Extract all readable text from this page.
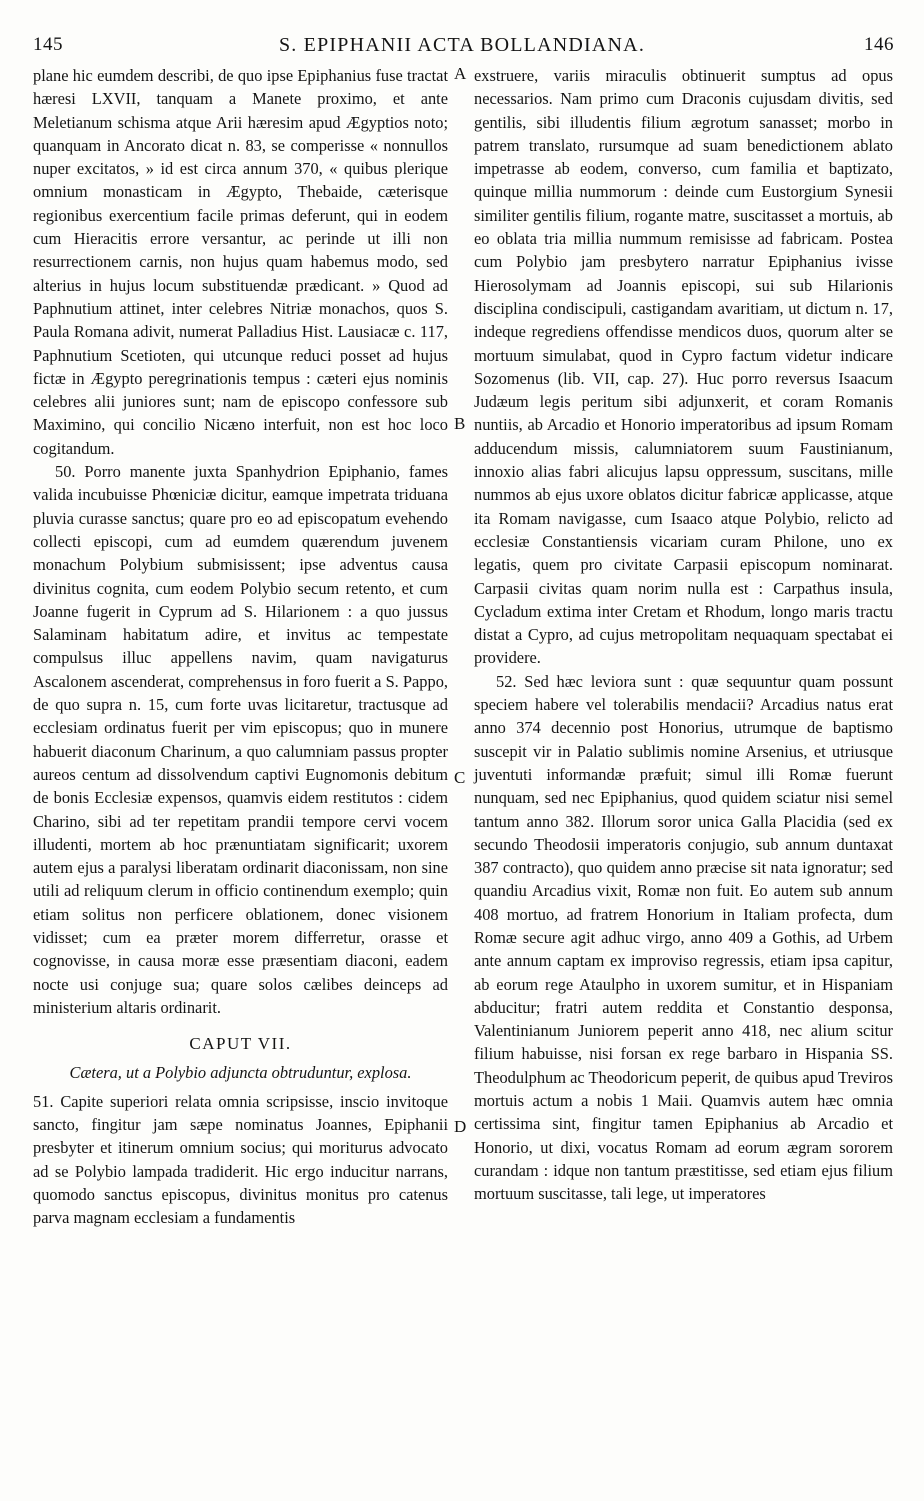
145	S. EPIPHANII ACTA BOLLANDIANA.	146

plane hic eumdem describi, de quo ipse Epiphanius fuse tractat hæresi LXVII, tanquam a Manete proximo, et ante Meletianum schisma atque Arii hæresim apud Ægyptios noto; quanquam in Ancorato dicat n. 83, se comperisse « nonnullos nuper excitatos, » id est circa annum 370, « quibus plerique omnium monasticam in Ægypto, Thebaide, cæterisque regionibus exercentium facile primas deferunt, qui in eodem cum Hieracitis errore versantur, ac perinde ut illi non resurrectionem carnis, non hujus quam habemus modo, sed alterius in hujus locum substituendæ prædicant. » Quod ad Paphnutium attinet, inter celebres Nitriæ monachos, quos S. Paula Romana adivit, numerat Palladius Hist. Lausiacæ c. 117, Paphnutium Scetioten, qui utcunque reduci posset ad hujus fictæ in Ægypto peregrinationis tempus : cæteri ejus nominis celebres alii juniores sunt; nam de episcopo confessore sub Maximino, qui concilio Nicæno interfuit, non est hoc loco cogitandum.

50. Porro manente juxta Spanhydrion Epiphanio, fames valida incubuisse Phœniciæ dicitur, eamque impetrata triduana pluvia curasse sanctus; quare pro eo ad episcopatum evehendo collecti episcopi, cum ad eumdem quærendum juvenem monachum Polybium submisissent; ipse adventus causa divinitus cognita, cum eodem Polybio secum retento, et cum Joanne fugerit in Cyprum ad S. Hilarionem : a quo jussus Salaminam habitatum adire, et invitus ac tempestate compulsus illuc appellens navim, quam navigaturus Ascalonem ascenderat, comprehensus in foro fuerit a S. Pappo, de quo supra n. 15, cum forte uvas licitaretur, tractusque ad ecclesiam ordinatus fuerit per vim episcopus; quo in munere habuerit diaconum Charinum, a quo calumniam passus propter aureos centum ad dissolvendum captivi Eugnomonis debitum de bonis Ecclesiæ expensos, quamvis eidem restitutos : cidem Charino, sibi ad ter repetitam prandii tempore cervi vocem illudenti, mortem ab hoc prænuntiatam significarit; uxorem autem ejus a paralysi liberatam ordinarit diaconissam, non sine utili ad reliquum clerum in officio continendum exemplo; quin etiam solitus non perficere oblationem, donec visionem vidisset; cum ea præter morem differretur, orasse et cognovisse, in causa moræ esse præsentiam diaconi, eadem nocte usi conjuge sua; quare solos cælibes deinceps ad ministerium altaris ordinarit.

CAPUT VII.
Cætera, ut a Polybio adjuncta obtruduntur, explosa.

51. Capite superiori relata omnia scripsisse, inscio invitoque sancto, fingitur jam sæpe nominatus Joannes, Epiphanii presbyter et itinerum omnium socius; qui moriturus advocato ad se Polybio lampada tradiderit. Hic ergo inducitur narrans, quomodo sanctus episcopus, divinitus monitus pro catenus parva magnam ecclesiam a fundamentis

exstruere, variis miraculis obtinuerit sumptus ad opus necessarios. Nam primo cum Draconis cujusdam divitis, sed gentilis, sibi illudentis filium ægrotum sanasset; morbo in patrem translato, rursumque ad suam benedictionem ablato impetrasse ab eodem, converso, cum familia et baptizato, quinque millia nummorum : deinde cum Eustorgium Synesii similiter gentilis filium, rogante matre, suscitasset a mortuis, ab eo oblata tria millia nummum remisisse ad fabricam. Postea cum Polybio jam presbytero narratur Epiphanius ivisse Hierosolymam ad Joannis episcopi, sui sub Hilarionis disciplina condiscipuli, castigandam avaritiam, ut dictum n. 17, indeque regrediens offendisse mendicos duos, quorum alter se mortuum simulabat, quod in Cypro factum videtur indicare Sozomenus (lib. VII, cap. 27). Huc porro reversus Isaacum Judæum legis peritum sibi adjunxerit, et coram Romanis nuntiis, ab Arcadio et Honorio imperatoribus ad ipsum Romam adducendum missis, calumniatorem suum Faustinianum, innoxio alias fabri alicujus lapsu oppressum, suscitans, mille nummos ab ejus uxore oblatos dicitur fabricæ applicasse, atque ita Romam navigasse, cum Isaaco atque Polybio, relicto ad ecclesiæ Constantiensis vicariam curam Philone, uno ex legatis, quem pro civitate Carpasii episcopum nominarat. Carpasii civitas quam norim nulla est : Carpathus insula, Cycladum extima inter Cretam et Rhodum, longo maris tractu distat a Cypro, ad cujus metropolitam nequaquam spectabat ei providere.

52. Sed hæc leviora sunt : quæ sequuntur quam possunt speciem habere vel tolerabilis mendacii? Arcadius natus erat anno 374 decennio post Honorius, utrumque de baptismo suscepit vir in Palatio sublimis nomine Arsenius, et utriusque juventuti informandæ præfuit; simul illi Romæ fuerunt nunquam, sed nec Epiphanius, quod quidem sciatur nisi semel tantum anno 382. Illorum soror unica Galla Placidia (sed ex secundo Theodosii imperatoris conjugio, sub annum duntaxat 387 contracto), quo quidem anno præcise sit nata ignoratur; sed quandiu Arcadius vixit, Romæ non fuit. Eo autem sub annum 408 mortuo, ad fratrem Honorium in Italiam profecta, dum Romæ secure agit adhuc virgo, anno 409 a Gothis, ad Urbem ante annum captam ex improviso regressis, etiam ipsa capitur, ab eorum rege Ataulpho in uxorem sumitur, et in Hispaniam abducitur; fratri autem reddita et Constantio desponsa, Valentinianum Juniorem peperit anno 418, nec alium scitur filium habuisse, nisi forsan ex rege barbaro in Hispania SS. Theodulphum ac Theodoricum peperit, de quibus apud Treviros mortuis actum a nobis 1 Maii. Quamvis autem hæc omnia certissima sint, fingitur tamen Epiphanius ab Arcadio et Honorio, ut dixi, vocatus Romam ad eorum ægram sororem curandam : idque non tantum præstitisse, sed etiam ejus filium mortuum suscitasse, tali lege, ut imperatores

A
B
C
D
